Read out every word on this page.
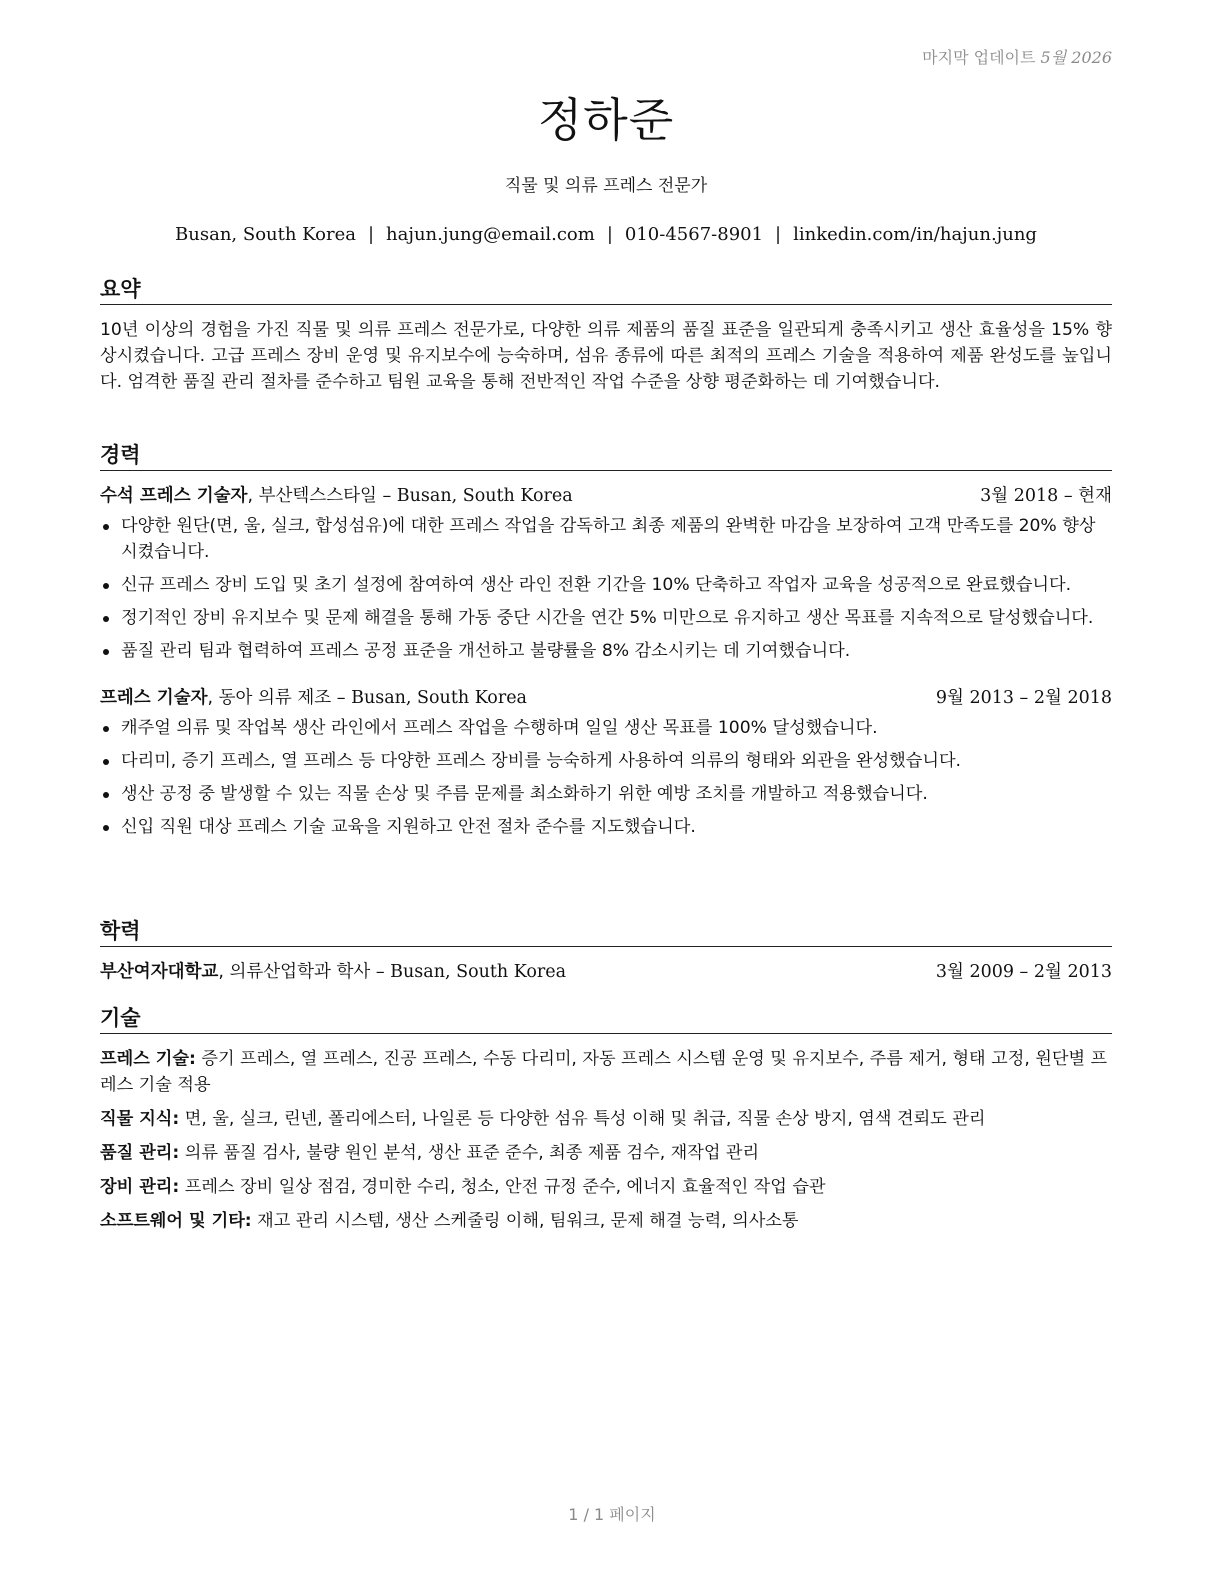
마지막 업데이트 5월 2026
정하준
직물 및 의류 프레스 전문가
Busan, South Korea | hajun.jung@email.com | 010-4567-8901 | linkedin.com/in/hajun.jung
요약

10년 이상의 경험을 가진 직물 및 의류 프레스 전문가로, 다양한 의류 제품의 품질 표준을 일관되게 충족시키고 생산 효율성을 15% 향상시켰습니다. 고급 프레스 장비 운영 및 유지보수에 능숙하며, 섬유 종류에 따른 최적의 프레스 기술을 적용하여 제품 완성도를 높입니다. 엄격한 품질 관리 절차를 준수하고 팀원 교육을 통해 전반적인 작업 수준을 상향 평준화하는 데 기여했습니다.

경력
수석 프레스 기술자, 부산텍스스타일 – Busan, South Korea	3월 2018 – 현재
다양한 원단(면, 울, 실크, 합성섬유)에 대한 프레스 작업을 감독하고 최종 제품의 완벽한 마감을 보장하여 고객 만족도를 20% 향상시켰습니다.
신규 프레스 장비 도입 및 초기 설정에 참여하여 생산 라인 전환 기간을 10% 단축하고 작업자 교육을 성공적으로 완료했습니다.
정기적인 장비 유지보수 및 문제 해결을 통해 가동 중단 시간을 연간 5% 미만으로 유지하고 생산 목표를 지속적으로 달성했습니다.
품질 관리 팀과 협력하여 프레스 공정 표준을 개선하고 불량률을 8% 감소시키는 데 기여했습니다.
프레스 기술자, 동아 의류 제조 – Busan, South Korea	9월 2013 – 2월 2018
캐주얼 의류 및 작업복 생산 라인에서 프레스 작업을 수행하며 일일 생산 목표를 100% 달성했습니다.
다리미, 증기 프레스, 열 프레스 등 다양한 프레스 장비를 능숙하게 사용하여 의류의 형태와 외관을 완성했습니다.
생산 공정 중 발생할 수 있는 직물 손상 및 주름 문제를 최소화하기 위한 예방 조치를 개발하고 적용했습니다.
신입 직원 대상 프레스 기술 교육을 지원하고 안전 절차 준수를 지도했습니다.
학력
부산여자대학교, 의류산업학과 학사 – Busan, South Korea	3월 2009 – 2월 2013
기술
프레스 기술: 증기 프레스, 열 프레스, 진공 프레스, 수동 다리미, 자동 프레스 시스템 운영 및 유지보수, 주름 제거, 형태 고정, 원단별 프레스 기술 적용
직물 지식: 면, 울, 실크, 린넨, 폴리에스터, 나일론 등 다양한 섬유 특성 이해 및 취급, 직물 손상 방지, 염색 견뢰도 관리
품질 관리: 의류 품질 검사, 불량 원인 분석, 생산 표준 준수, 최종 제품 검수, 재작업 관리
장비 관리: 프레스 장비 일상 점검, 경미한 수리, 청소, 안전 규정 준수, 에너지 효율적인 작업 습관
소프트웨어 및 기타: 재고 관리 시스템, 생산 스케줄링 이해, 팀워크, 문제 해결 능력, 의사소통
1 / 1 페이지
